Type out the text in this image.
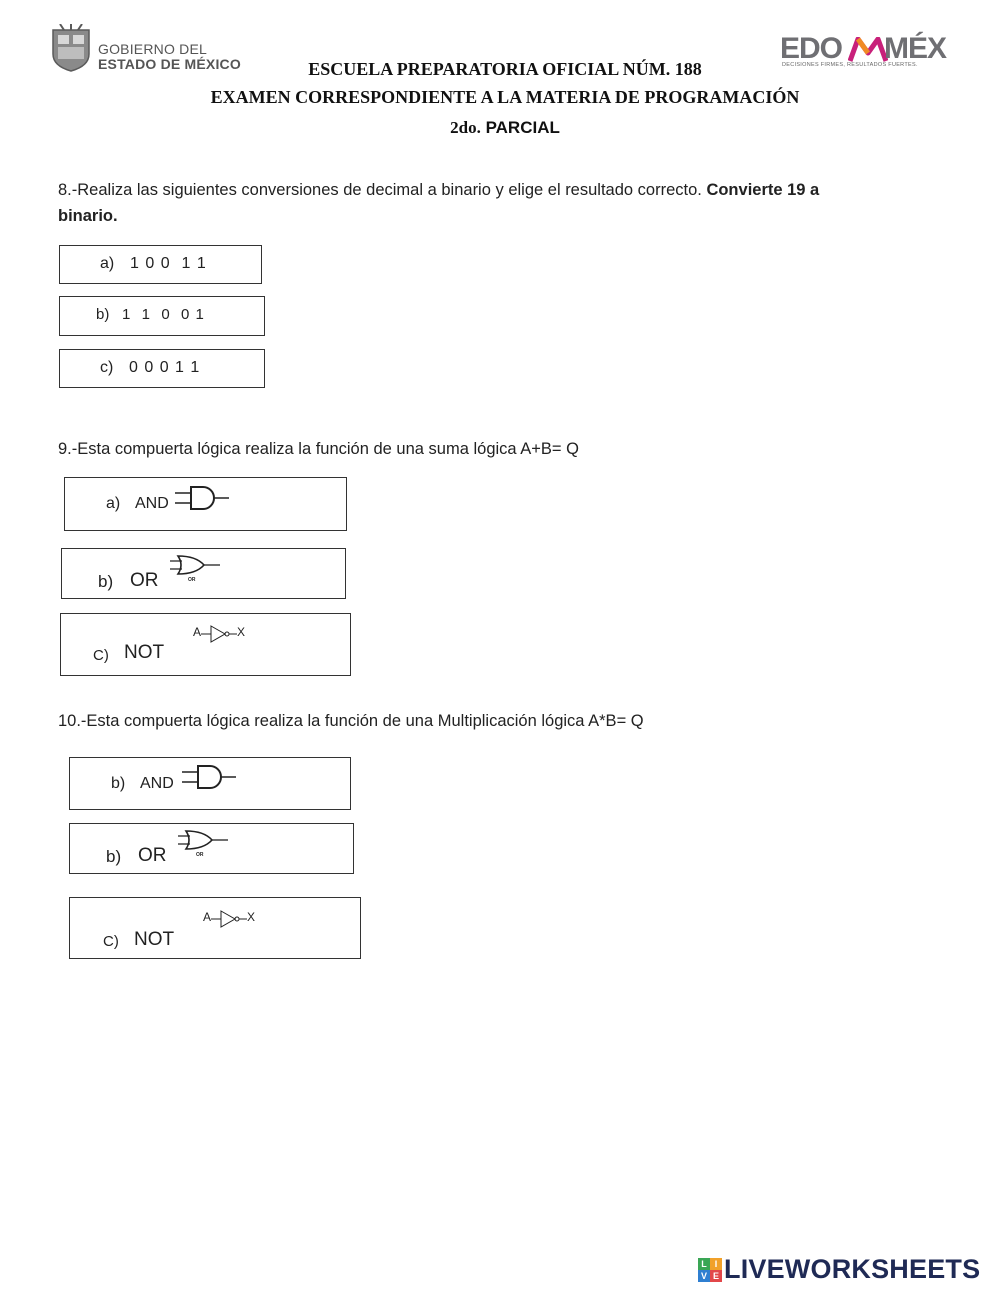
GOBIERNO DEL
ESTADO DE MÉXICO	EDO MÉX
DECISIONES FIRMES, RESULTADOS FUERTES.
ESCUELA PREPARATORIA OFICIAL NÚM. 188
EXAMEN CORRESPONDIENTE A LA MATERIA DE PROGRAMACIÓN
2do. PARCIAL
8.-Realiza las siguientes conversiones de decimal a binario y elige el resultado correcto. Convierte 19 a
binario.
a) 1 0 0  1 1
b) 1  1  0  0 1
c) 0 0 0 1 1
9.-Esta compuerta lógica realiza la función de una suma lógica A+B= Q
a) AND
b) OR	OR
C) NOT
A	X
10.-Esta compuerta lógica realiza la función de una Multiplicación lógica A*B= Q
b) AND
b) OR	OR
C) NOT
A	X
L I
V E LIVEWORKSHEETS
